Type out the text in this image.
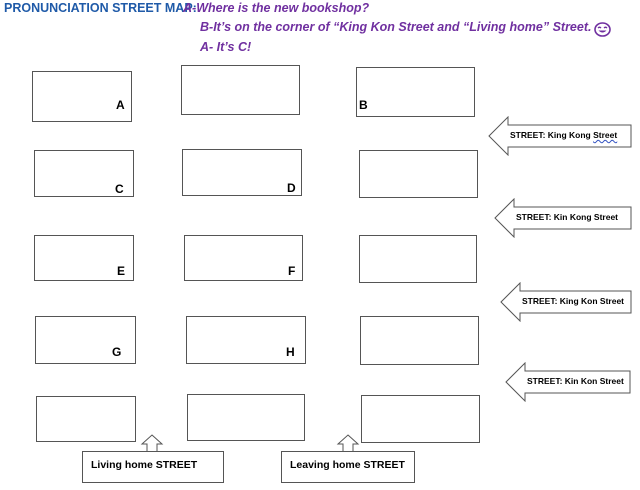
PRONUNCIATION STREET MAP:
A-Where is the new bookshop?
B-It’s on the corner of “King Kon Street and “Living home” Street.
A- It’s C!
A	B
C	D
E	F
G	H
STREET: King Kong Street
STREET: Kin Kong Street
STREET: King Kon Street
STREET: Kin Kon Street
Living home STREET	Leaving home STREET
